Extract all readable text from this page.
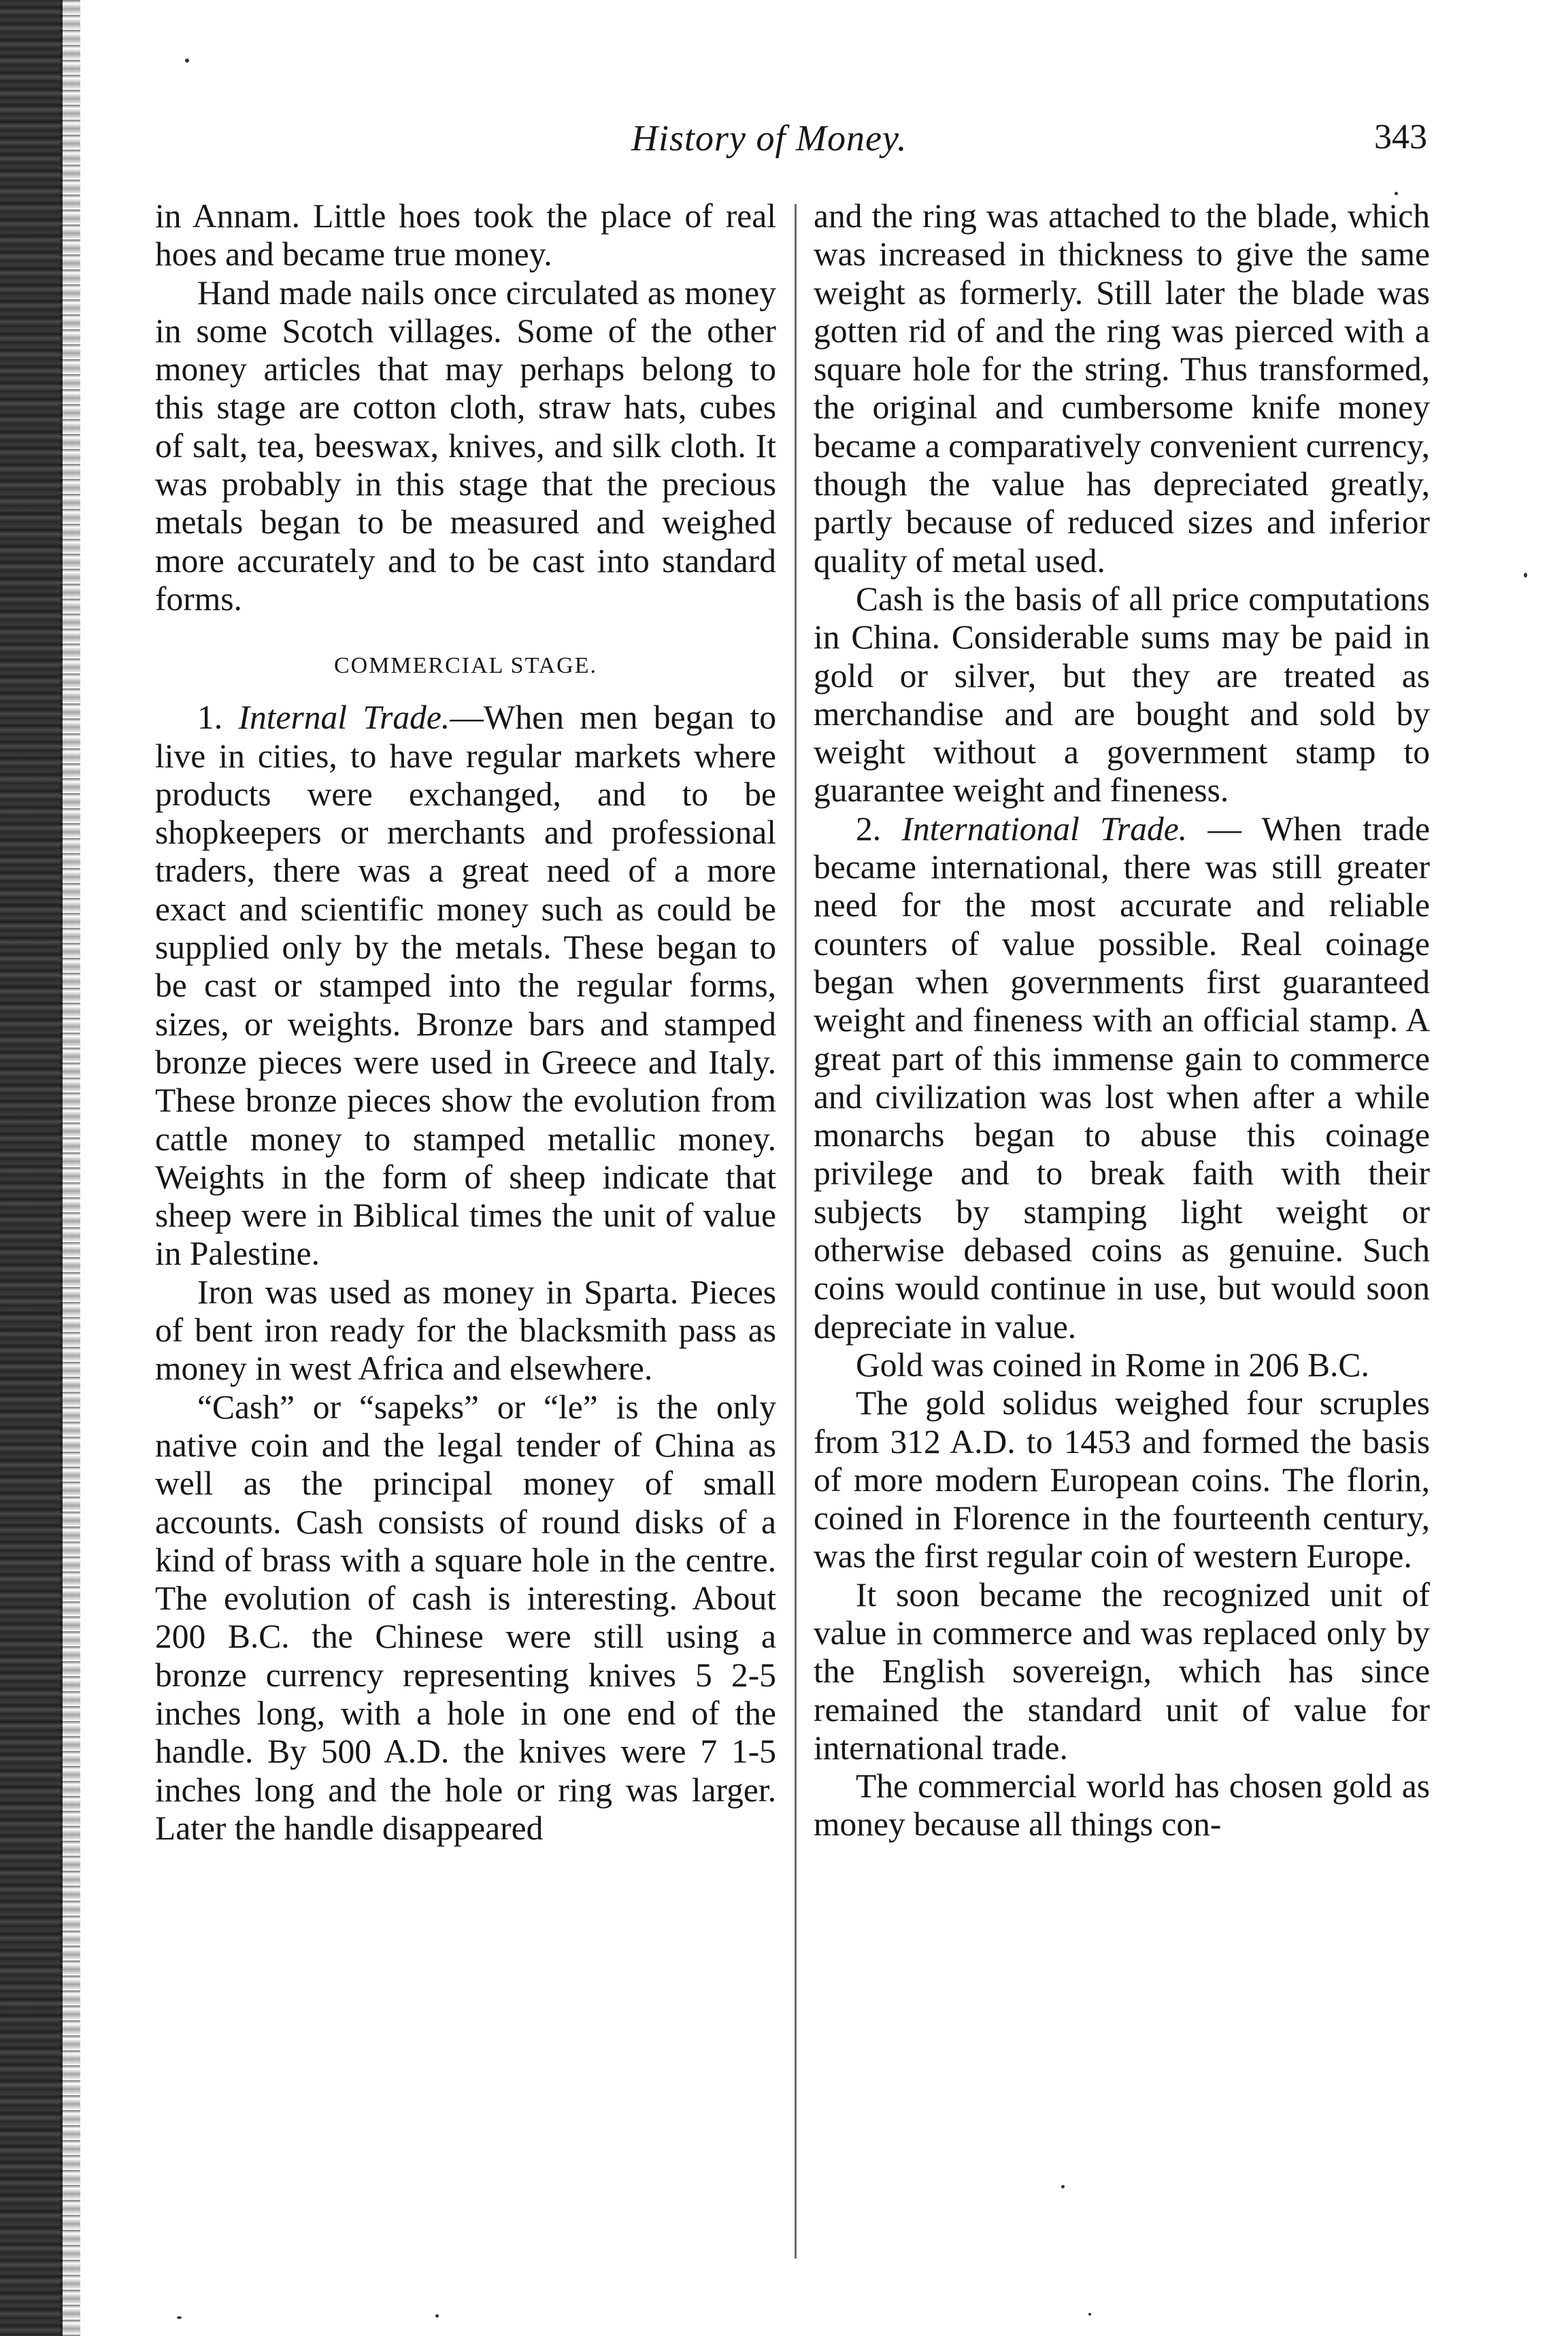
History of Money.	343

in Annam. Little hoes took the place of real hoes and became true money.

Hand made nails once circulated as money in some Scotch villages. Some of the other money articles that may perhaps belong to this stage are cotton cloth, straw hats, cubes of salt, tea, beeswax, knives, and silk cloth. It was probably in this stage that the precious metals began to be measured and weighed more accurately and to be cast into standard forms.

COMMERCIAL STAGE.

1. Internal Trade.—When men began to live in cities, to have regular markets where products were exchanged, and to be shopkeepers or merchants and professional traders, there was a great need of a more exact and scientific money such as could be supplied only by the metals. These began to be cast or stamped into the regular forms, sizes, or weights. Bronze bars and stamped bronze pieces were used in Greece and Italy. These bronze pieces show the evolution from cattle money to stamped metallic money. Weights in the form of sheep indicate that sheep were in Biblical times the unit of value in Palestine.

Iron was used as money in Sparta. Pieces of bent iron ready for the blacksmith pass as money in west Africa and elsewhere.

“Cash” or “sapeks” or “le” is the only native coin and the legal tender of China as well as the principal money of small accounts. Cash consists of round disks of a kind of brass with a square hole in the centre. The evolution of cash is interesting. About 200 B.C. the Chinese were still using a bronze currency representing knives 5 2-5 inches long, with a hole in one end of the handle. By 500 A.D. the knives were 7 1-5 inches long and the hole or ring was larger. Later the handle disappeared

and the ring was attached to the blade, which was increased in thickness to give the same weight as formerly. Still later the blade was gotten rid of and the ring was pierced with a square hole for the string. Thus transformed, the original and cumbersome knife money became a comparatively convenient currency, though the value has depreciated greatly, partly because of reduced sizes and inferior quality of metal used.

Cash is the basis of all price computations in China. Considerable sums may be paid in gold or silver, but they are treated as merchandise and are bought and sold by weight without a government stamp to guarantee weight and fineness.

2. International Trade. — When trade became international, there was still greater need for the most accurate and reliable counters of value possible. Real coinage began when governments first guaranteed weight and fineness with an official stamp. A great part of this immense gain to commerce and civilization was lost when after a while monarchs began to abuse this coinage privilege and to break faith with their subjects by stamping light weight or otherwise debased coins as genuine. Such coins would continue in use, but would soon depreciate in value.

Gold was coined in Rome in 206 B.C.

The gold solidus weighed four scruples from 312 A.D. to 1453 and formed the basis of more modern European coins. The florin, coined in Florence in the fourteenth century, was the first regular coin of western Europe.

It soon became the recognized unit of value in commerce and was replaced only by the English sovereign, which has since remained the standard unit of value for international trade.

The commercial world has chosen gold as money because all things con-
